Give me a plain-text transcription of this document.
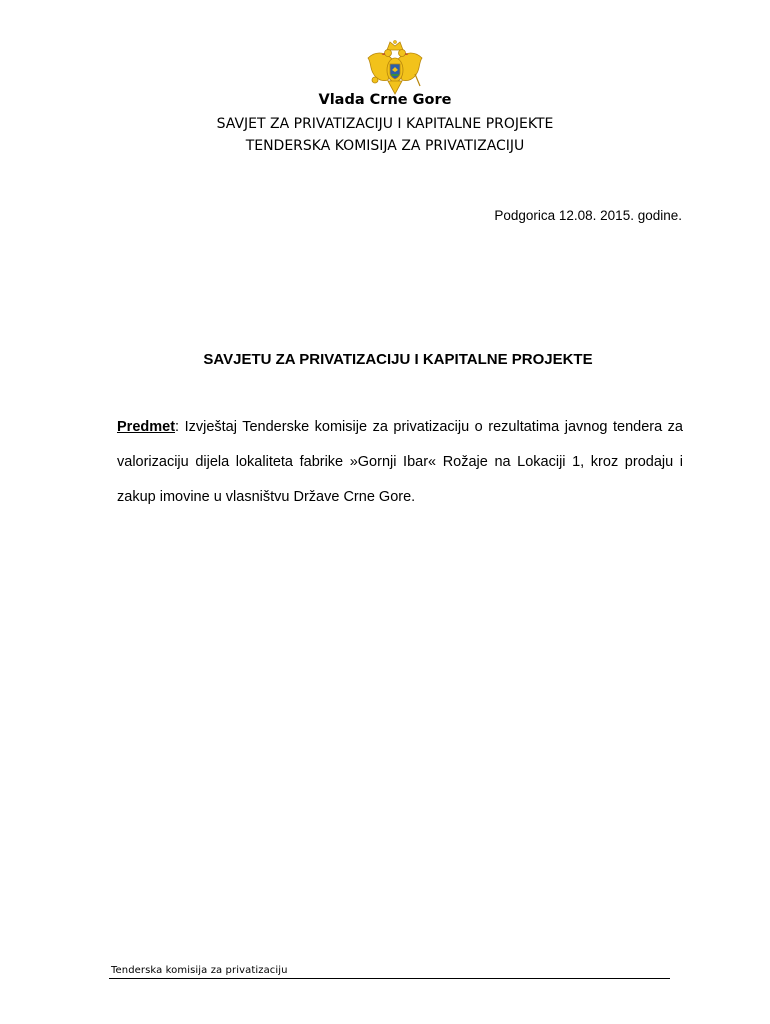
Vlada Crne Gore
SAVJET ZA PRIVATIZACIJU I KAPITALNE PROJEKTE
TENDERSKA KOMISIJA ZA PRIVATIZACIJU
Podgorica 12.08. 2015. godine.
SAVJETU ZA PRIVATIZACIJU I KAPITALNE PROJEKTE
Predmet: Izvještaj Tenderske komisije za privatizaciju o rezultatima javnog tendera za valorizaciju dijela lokaliteta fabrike »Gornji Ibar« Rožaje na Lokaciji 1, kroz prodaju i zakup imovine u vlasništvu Države Crne Gore.
Tenderska komisija za privatizaciju
